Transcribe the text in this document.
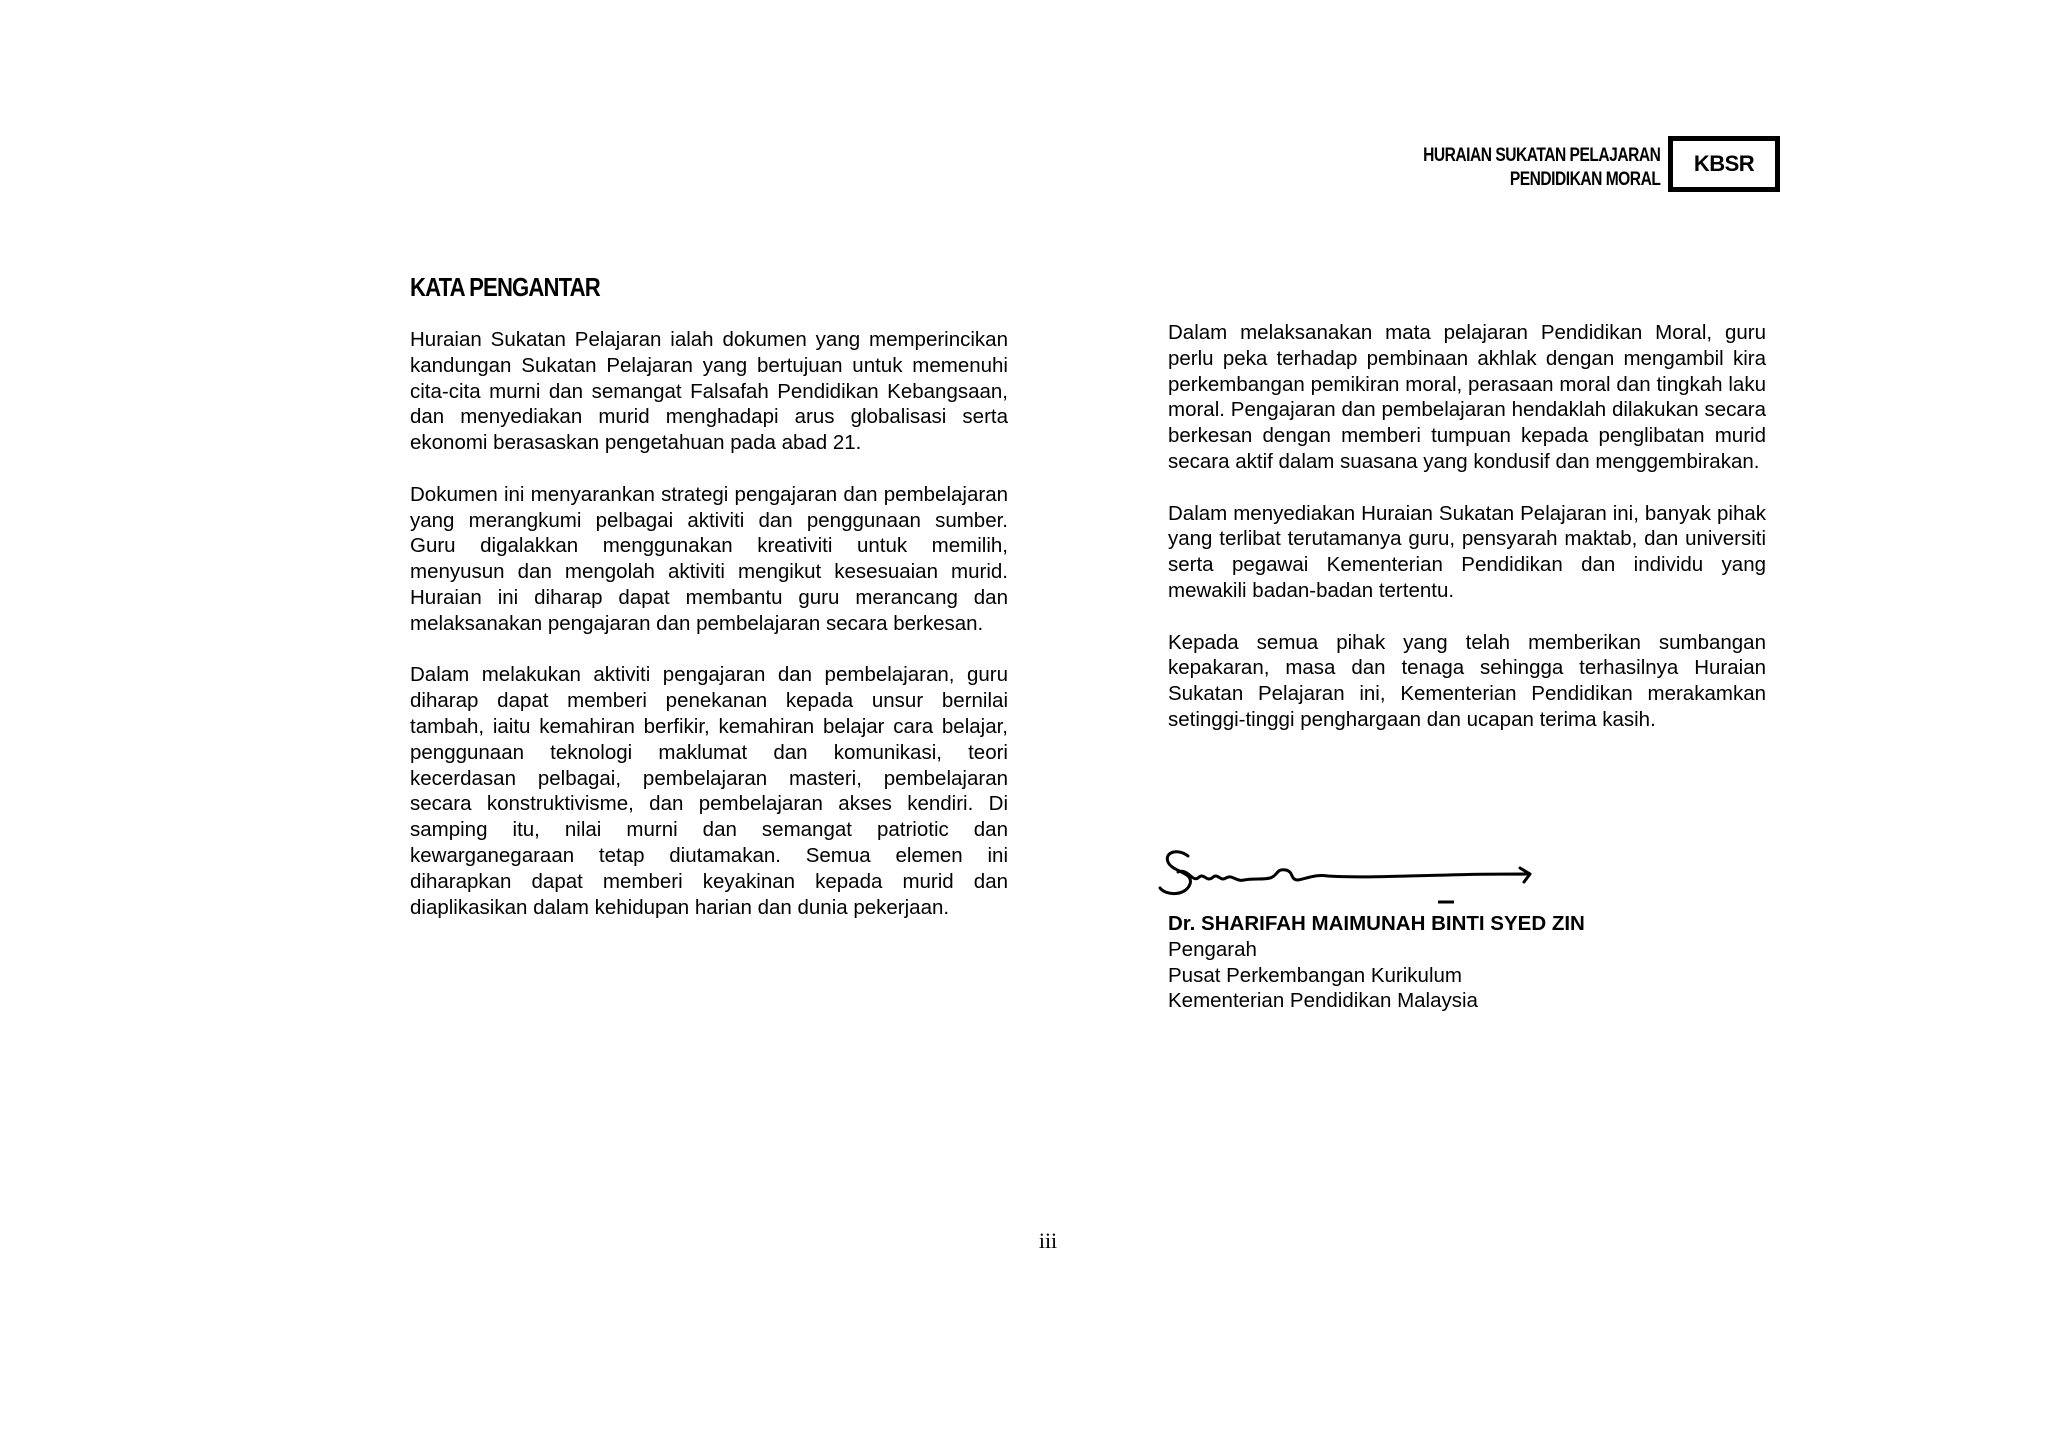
HURAIAN SUKATAN PELAJARAN
PENDIDIKAN MORAL
KBSR
KATA PENGANTAR

Huraian Sukatan Pelajaran ialah dokumen yang memperincikan kandungan Sukatan Pelajaran yang bertujuan untuk memenuhi cita-cita murni dan semangat Falsafah Pendidikan Kebangsaan, dan menyediakan murid menghadapi arus globalisasi serta ekonomi berasaskan pengetahuan pada abad 21.

Dokumen ini menyarankan strategi pengajaran dan pembelajaran yang merangkumi pelbagai aktiviti dan penggunaan sumber. Guru digalakkan menggunakan kreativiti untuk memilih, menyusun dan mengolah aktiviti mengikut kesesuaian murid. Huraian ini diharap dapat membantu guru merancang dan melaksanakan pengajaran dan pembelajaran secara berkesan.

Dalam melakukan aktiviti pengajaran dan pembelajaran, guru diharap dapat memberi penekanan kepada unsur bernilai tambah, iaitu kemahiran berfikir, kemahiran belajar cara belajar, penggunaan teknologi maklumat dan komunikasi, teori kecerdasan pelbagai, pembelajaran masteri, pembelajaran secara konstruktivisme, dan pembelajaran akses kendiri. Di samping itu, nilai murni dan semangat patriotic dan kewarganegaraan tetap diutamakan. Semua elemen ini diharapkan dapat memberi keyakinan kepada murid dan diaplikasikan dalam kehidupan harian dan dunia pekerjaan.

Dalam melaksanakan mata pelajaran Pendidikan Moral, guru perlu peka terhadap pembinaan akhlak dengan mengambil kira perkembangan pemikiran moral, perasaan moral dan tingkah laku moral. Pengajaran dan pembelajaran hendaklah dilakukan secara berkesan dengan memberi tumpuan kepada penglibatan murid secara aktif dalam suasana yang kondusif dan menggembirakan.

Dalam menyediakan Huraian Sukatan Pelajaran ini, banyak pihak yang terlibat terutamanya guru, pensyarah maktab, dan universiti serta pegawai Kementerian Pendidikan dan individu yang mewakili badan-badan tertentu.

Kepada semua pihak yang telah memberikan sumbangan kepakaran, masa dan tenaga sehingga terhasilnya Huraian Sukatan Pelajaran ini, Kementerian Pendidikan merakamkan setinggi-tinggi penghargaan dan ucapan terima kasih.

Dr. SHARIFAH MAIMUNAH BINTI SYED ZIN
Pengarah
Pusat Perkembangan Kurikulum
Kementerian Pendidikan Malaysia
iii
